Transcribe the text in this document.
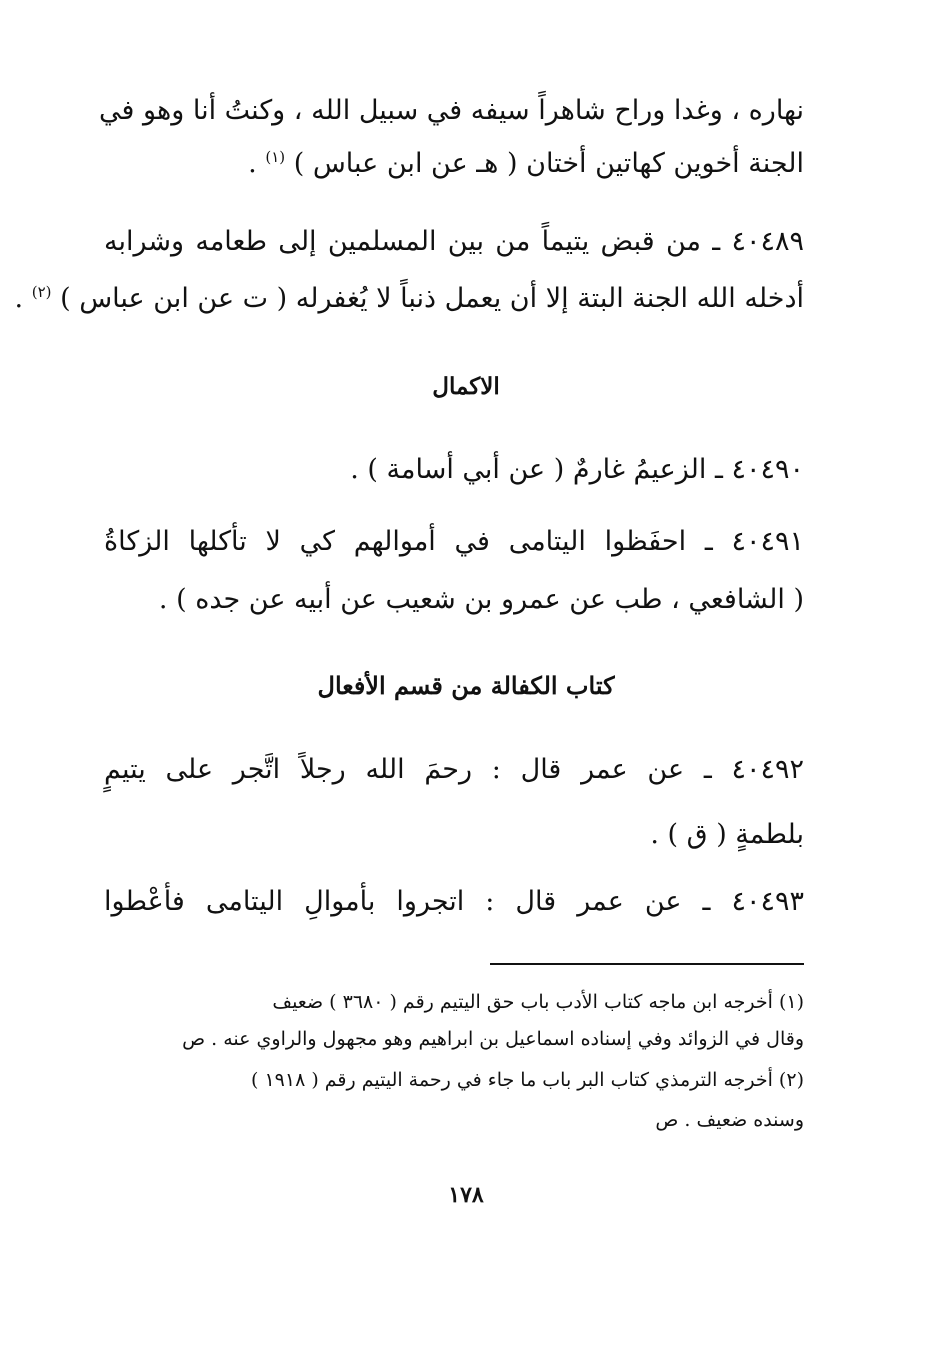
نهاره ، وغدا وراح شاهراً سيفه في سبيل الله ، وكنتُ أنا وهو في
الجنة أخوين كهاتين أختان ( هـ عن ابن عباس ) $^{(١)}$ .
٤٠٤٨٩ ـ من قبض يتيماً من بين المسلمين إلى طعامه وشرابه
أدخله الله الجنة البتة إلا أن يعمل ذنباً لا يُغفرله ( ت عن ابن عباس ) $^{(٢)}$ .
الاكمال
٤٠٤٩٠ ـ الزعيمُ غارمٌ ( عن أبي أسامة ) .
٤٠٤٩١ ـ احفَظوا اليتامى في أموالهم كي لا تأكلها الزكاةُ
( الشافعي ، طب عن عمرو بن شعيب عن أبيه عن جده ) .
كتاب الكفالة من قسم الأفعال
٤٠٤٩٢ ـ عن عمر قال : رحمَ الله رجلاً اتَّجر على يتيمٍ
بلطمةٍ ( ق ) .
٤٠٤٩٣ ـ عن عمر قال : اتجروا بأموالِ اليتامى فأعْطوا
(١) أخرجه ابن ماجه كتاب الأدب باب حق اليتيم رقم ( ٣٦٨٠ ) ضعيف
وقال في الزوائد وفي إسناده اسماعيل بن ابراهيم وهو مجهول والراوي عنه . ص
(٢) أخرجه الترمذي كتاب البر باب ما جاء في رحمة اليتيم رقم ( ١٩١٨ )
وسنده ضعيف . ص
١٧٨
